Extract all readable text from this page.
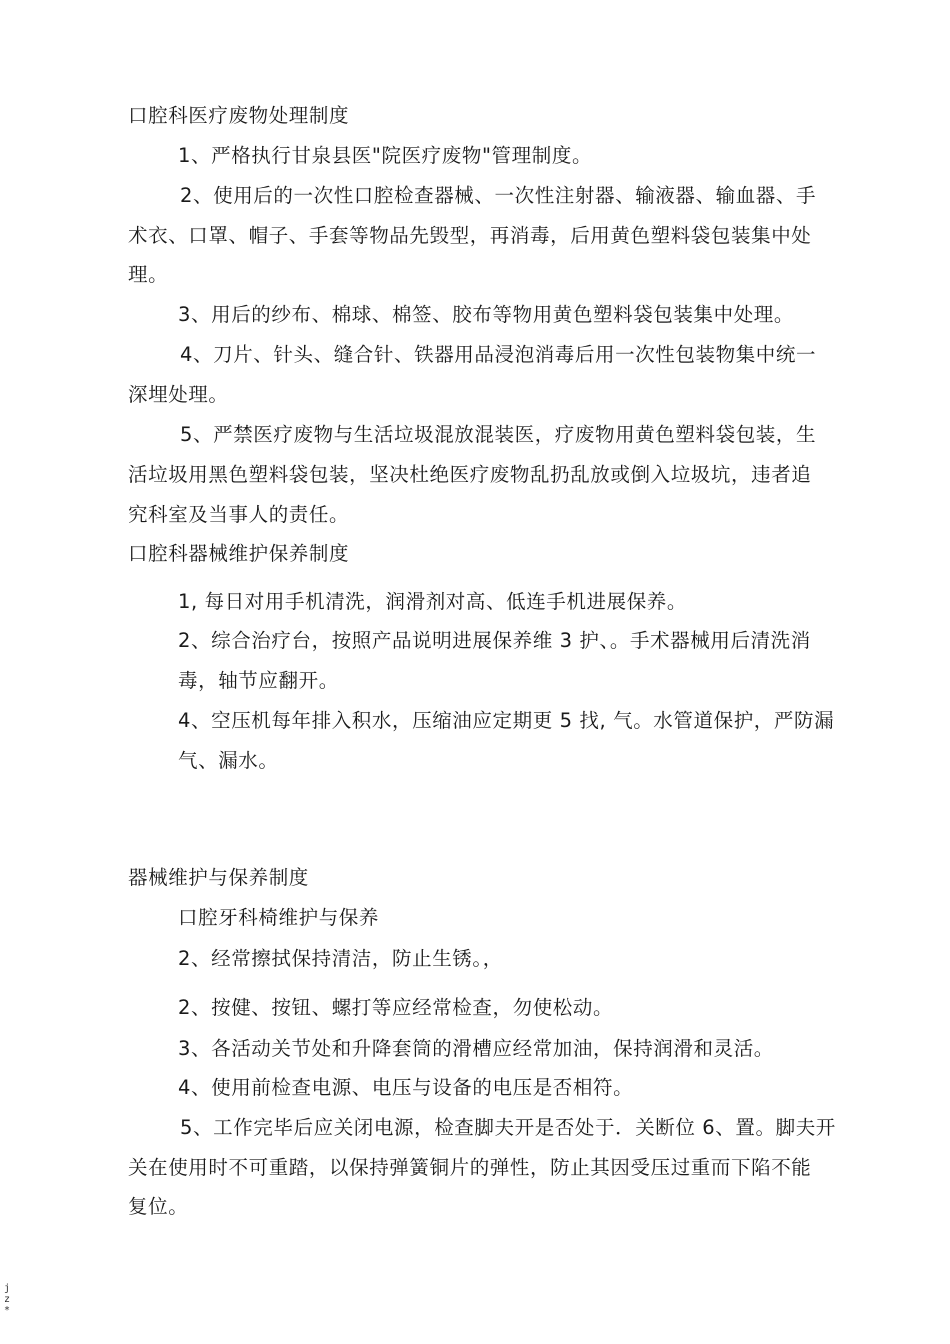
口腔科医疗废物处理制度

1、严格执行甘泉县医"院医疗废物"管理制度。

2、使用后的一次性口腔检查器械、一次性注射器、输液器、输血器、手

术衣、口罩、帽子、手套等物品先毁型，再消毒，后用黄色塑料袋包装集中处

理。

3、用后的纱布、棉球、棉签、胶布等物用黄色塑料袋包装集中处理。

4、刀片、针头、缝合针、铁器用品浸泡消毒后用一次性包装物集中统一

深埋处理。

5、严禁医疗废物与生活垃圾混放混装医，疗废物用黄色塑料袋包装，生

活垃圾用黑色塑料袋包装，坚决杜绝医疗废物乱扔乱放或倒入垃圾坑，违者追

究科室及当事人的责任。

口腔科器械维护保养制度

1, 每日对用手机清洗，润滑剂对高、低连手机进展保养。

2、综合治疗台，按照产品说明进展保养维 3 护、。手术器械用后清洗消

毒，轴节应翻开。

4、空压机每年排入积水，压缩油应定期更 5 找, 气。水管道保护，严防漏

气、漏水。

器械维护与保养制度

口腔牙科椅维护与保养

2、经常擦拭保持清洁，防止生锈。，

2、按健、按钮、螺打等应经常检查，勿使松动。

3、各活动关节处和升降套筒的滑槽应经常加油，保持润滑和灵活。

4、使用前检查电源、电压与设备的电压是否相符。

5、工作完毕后应关闭电源，检查脚夫开是否处于．关断位 6、置。脚夫开

关在使用时不可重踏，以保持弹簧铜片的弹性，防止其因受压过重而下陷不能

复位。

jz*
